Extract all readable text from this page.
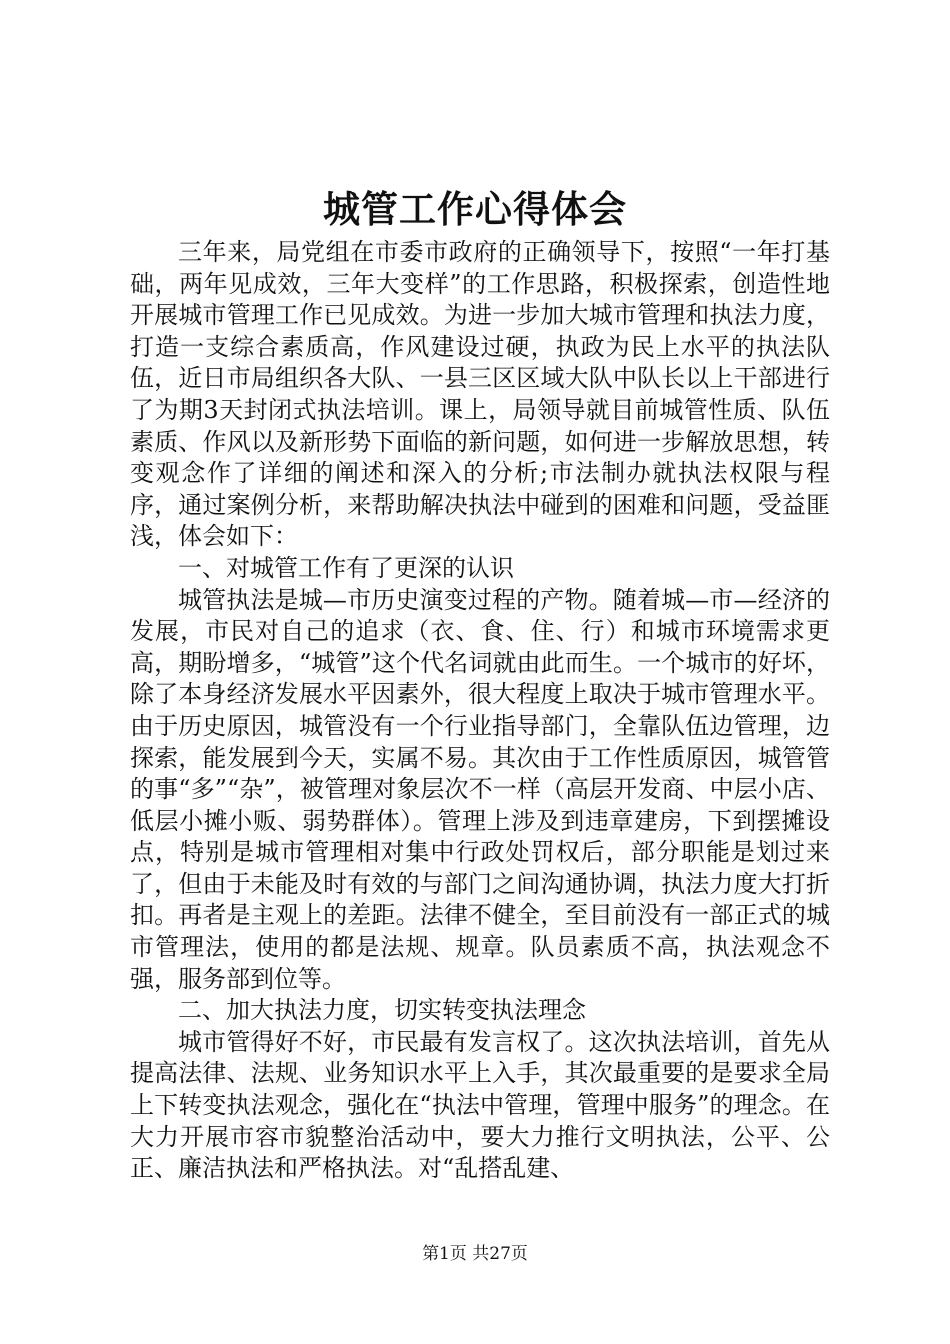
城管工作心得体会

三年来，局党组在市委市政府的正确领导下，按照“一年打基础，两年见成效，三年大变样”的工作思路，积极探索，创造性地开展城市管理工作已见成效。为进一步加大城市管理和执法力度，打造一支综合素质高，作风建设过硬，执政为民上水平的执法队伍，近日市局组织各大队、一县三区区域大队中队长以上干部进行了为期3天封闭式执法培训。课上，局领导就目前城管性质、队伍素质、作风以及新形势下面临的新问题，如何进一步解放思想，转变观念作了详细的阐述和深入的分析;市法制办就执法权限与程序，通过案例分析，来帮助解决执法中碰到的困难和问题，受益匪浅，体会如下：

一、对城管工作有了更深的认识

城管执法是城—市历史演变过程的产物。随着城—市—经济的发展，市民对自己的追求（衣、食、住、行）和城市环境需求更高，期盼增多，“城管”这个代名词就由此而生。一个城市的好坏，除了本身经济发展水平因素外，很大程度上取决于城市管理水平。由于历史原因，城管没有一个行业指导部门，全靠队伍边管理，边探索，能发展到今天，实属不易。其次由于工作性质原因，城管管的事“多”“杂”，被管理对象层次不一样（高层开发商、中层小店、低层小摊小贩、弱势群体）。管理上涉及到违章建房，下到摆摊设点，特别是城市管理相对集中行政处罚权后，部分职能是划过来了，但由于未能及时有效的与部门之间沟通协调，执法力度大打折扣。再者是主观上的差距。法律不健全，至目前没有一部正式的城市管理法，使用的都是法规、规章。队员素质不高，执法观念不强，服务部到位等。

二、加大执法力度，切实转变执法理念

城市管得好不好，市民最有发言权了。这次执法培训，首先从提高法律、法规、业务知识水平上入手，其次最重要的是要求全局上下转变执法观念，强化在“执法中管理，管理中服务”的理念。在大力开展市容市貌整治活动中，要大力推行文明执法，公平、公正、廉洁执法和严格执法。对“乱搭乱建、

第1页 共27页
